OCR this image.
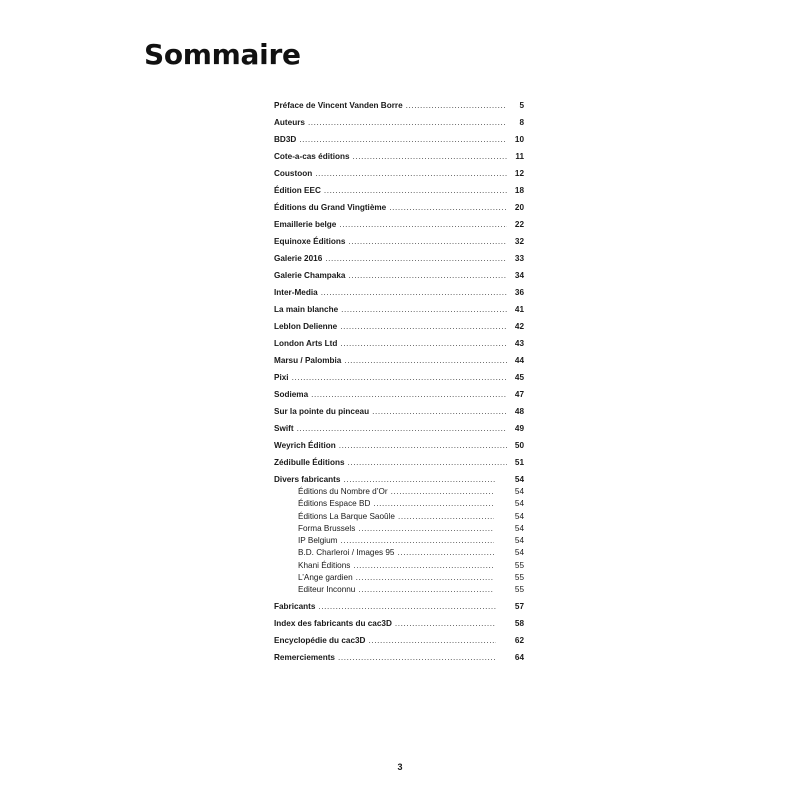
Sommaire
Préface de Vincent Vanden Borre .....	5
Auteurs .....	8
BD3D .....	10
Cote-a-cas éditions .....	11
Coustoon .....	12
Édition EEC .....	18
Éditions du Grand Vingtième .....	20
Emaillerie belge .....	22
Equinoxe Éditions .....	32
Galerie 2016 .....	33
Galerie Champaka .....	34
Inter-Media .....	36
La main blanche .....	41
Leblon Delienne .....	42
London Arts Ltd .....	43
Marsu / Palombia .....	44
Pixi .....	45
Sodiema .....	47
Sur la pointe du pinceau .....	48
Swift .....	49
Weyrich Édition .....	50
Zédibulle Éditions .....	51
Divers fabricants .....	54
Éditions du Nombre d’Or .....	54
Éditions Espace BD .....	54
Éditions La Barque Saoûle .....	54
Forma Brussels .....	54
IP Belgium .....	54
B.D. Charleroi / Images 95 .....	54
Khani Éditions .....	55
L’Ange gardien .....	55
Editeur Inconnu .....	55
Fabricants .....	57
Index des fabricants du cac3D .....	58
Encyclopédie du cac3D .....	62
Remerciements .....	64
3
